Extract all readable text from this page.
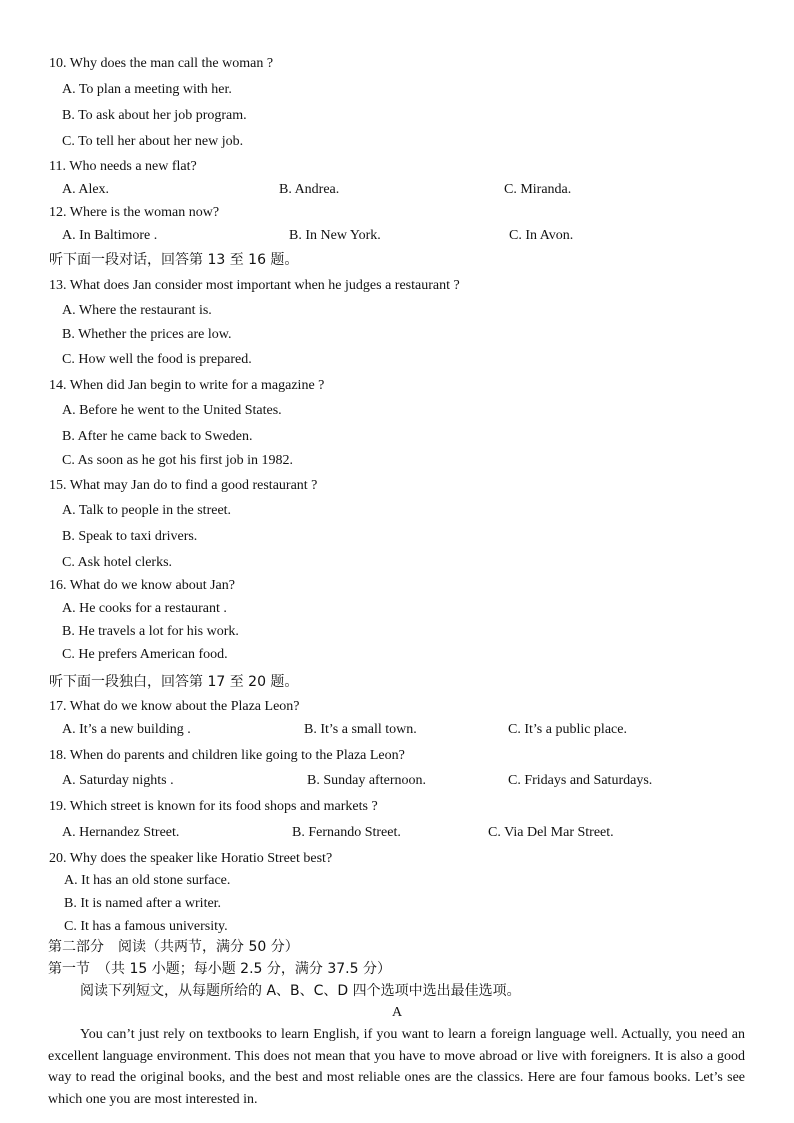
10. Why does the man call the woman ?
A. To plan a meeting with her.
B. To ask about her job program.
C. To tell her about her new job.
11. Who needs a new flat?
A. Alex.	B. Andrea.	C. Miranda.
12. Where is the woman now?
A. In Baltimore .	B. In New York.	C. In Avon.
听下面一段对话，回答第 13 至 16 题。
13. What does Jan consider most important when he judges a restaurant ?
A. Where the restaurant is.
B. Whether the prices are low.
C. How well the food is prepared.
14. When did Jan begin to write for a magazine ?
A. Before he went to the United States.
B. After he came back to Sweden.
C. As soon as he got his first job in 1982.
15. What may Jan do to find a good restaurant ?
A. Talk to people in the street.
B. Speak to taxi drivers.
C. Ask hotel clerks.
16. What do we know about Jan?
A. He cooks for a restaurant .
B. He travels a lot for his work.
C. He prefers American food.
听下面一段独白，回答第 17 至 20 题。
17. What do we know about the Plaza Leon?
A. It’s a new building .	B. It’s a small town.	C. It’s a public place.
18. When do parents and children like going to the Plaza Leon?
A. Saturday nights .	B. Sunday afternoon.	C. Fridays and Saturdays.
19. Which street is known for its food shops and markets ?
A. Hernandez Street.	B. Fernando Street.	C. Via Del Mar Street.
20. Why does the speaker like Horatio Street best?
A. It has an old stone surface.
B. It is named after a writer.
C. It has a famous university.
第二部分　阅读（共两节，满分 50 分）
第一节　（共 15 小题；每小题 2.5 分，满分 37.5 分）
阅读下列短文，从每题所给的 A、B、C、D 四个选项中选出最佳选项。
A
You can’t just rely on textbooks to learn English, if you want to learn a foreign language well. Actually, you need an excellent language environment. This does not mean that you have to move abroad or live with foreigners. It is also a good way to read the original books, and the best and most reliable ones are the classics. Here are four famous books. Let’s see which one you are most interested in.
